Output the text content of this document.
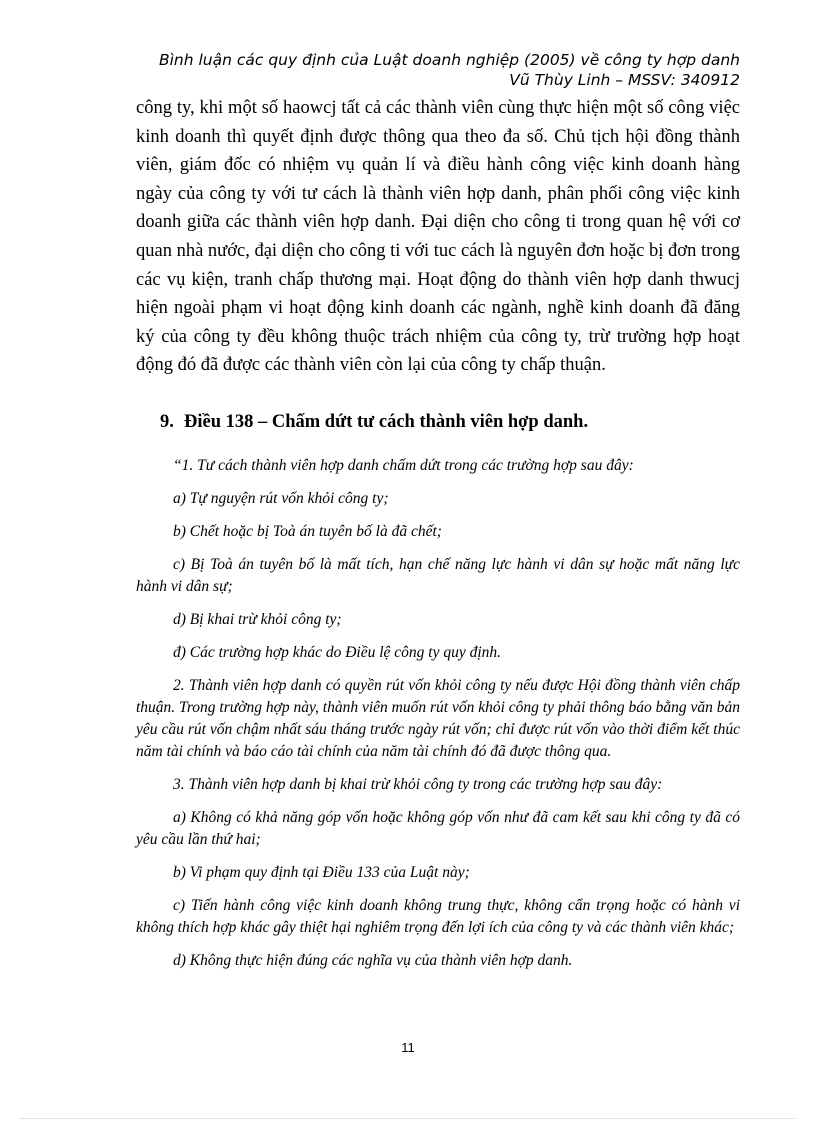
Bình luận các quy định của Luật doanh nghiệp (2005) về công ty hợp danh
Vũ Thùy Linh – MSSV: 340912

công ty, khi một số haowcj tất cả các thành viên cùng thực hiện một số công việc kinh doanh thì quyết định được thông qua theo đa số. Chủ tịch hội đồng thành viên, giám đốc có nhiệm vụ quản lí và điều hành công việc kinh doanh hàng ngày của công ty với tư cách là thành viên hợp danh, phân phối công việc kinh doanh giữa các thành viên hợp danh. Đại diện cho công ti trong quan hệ với cơ quan nhà nước, đại diện cho công ti với tuc cách là nguyên đơn hoặc bị đơn trong các vụ kiện, tranh chấp thương mại. Hoạt động do thành viên hợp danh thwucj hiện ngoài phạm vi hoạt động kinh doanh các ngành, nghề kinh doanh đã đăng ký của công ty đều không thuộc trách nhiệm của công ty, trừ trường hợp hoạt động đó đã được các thành viên còn lại của công ty chấp thuận.

9. Điều 138 – Chấm dứt tư cách thành viên hợp danh.

“1. Tư cách thành viên hợp danh chấm dứt trong các trường hợp sau đây:

a) Tự nguyện rút vốn khỏi công ty;

b) Chết hoặc bị Toà án tuyên bố là đã chết;

c) Bị Toà án tuyên bố là mất tích, hạn chế năng lực hành vi dân sự hoặc mất năng lực hành vi dân sự;

d) Bị khai trừ khỏi công ty;

đ) Các trường hợp khác do Điều lệ công ty quy định.

2. Thành viên hợp danh có quyền rút vốn khỏi công ty nếu được Hội đồng thành viên chấp thuận. Trong trường hợp này, thành viên muốn rút vốn khỏi công ty phải thông báo bằng văn bản yêu cầu rút vốn chậm nhất sáu tháng trước ngày rút vốn; chỉ được rút vốn vào thời điểm kết thúc năm tài chính và báo cáo tài chính của năm tài chính đó đã được thông qua.

3. Thành viên hợp danh bị khai trừ khỏi công ty trong các trường hợp sau đây:

a) Không có khả năng góp vốn hoặc không góp vốn như đã cam kết sau khi công ty đã có yêu cầu lần thứ hai;

b) Vi phạm quy định tại Điều 133 của Luật này;

c) Tiến hành công việc kinh doanh không trung thực, không cẩn trọng hoặc có hành vi không thích hợp khác gây thiệt hại nghiêm trọng đến lợi ích của công ty và các thành viên khác;

d) Không thực hiện đúng các nghĩa vụ của thành viên hợp danh.

11
